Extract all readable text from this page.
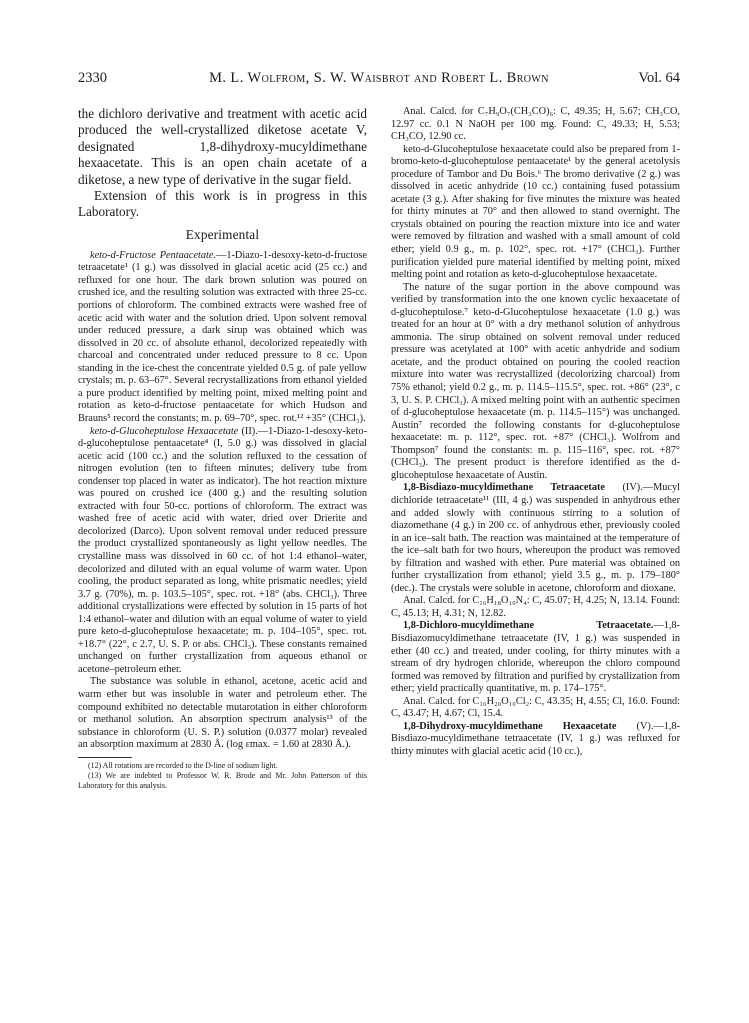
2330	M. L. Wolfrom, S. W. Waisbrot and Robert L. Brown	Vol. 64

the dichloro derivative and treatment with acetic acid produced the well-crystallized diketose acetate V, designated 1,8-dihydroxy-mucyldimethane hexaacetate. This is an open chain acetate of a diketose, a new type of derivative in the sugar field.

Extension of this work is in progress in this Laboratory.

Experimental

keto-d-Fructose Pentaacetate.—1-Diazo-1-desoxy-keto-d-fructose tetraacetate¹ (1 g.) was dissolved in glacial acetic acid (25 cc.) and refluxed for one hour. The dark brown solution was poured on crushed ice, and the resulting solution was extracted with three 25-cc. portions of chloroform. The combined extracts were washed free of acetic acid with water and the solution dried. Upon solvent removal under reduced pressure, a dark sirup was obtained which was dissolved in 20 cc. of absolute ethanol, decolorized repeatedly with charcoal and concentrated under reduced pressure to 8 cc. Upon standing in the ice-chest the concentrate yielded 0.5 g. of pale yellow crystals; m. p. 63–67°. Several recrystallizations from ethanol yielded a pure product identified by melting point, mixed melting point and rotation as keto-d-fructose pentaacetate for which Hudson and Brauns⁵ record the constants; m. p. 69–70°, spec. rot.¹² +35° (CHCl₃).

keto-d-Glucoheptulose Hexaacetate (II).—1-Diazo-1-desoxy-keto-d-glucoheptulose pentaacetate⁴ (I, 5.0 g.) was dissolved in glacial acetic acid (100 cc.) and the solution refluxed to the cessation of nitrogen evolution (ten to fifteen minutes; delivery tube from condenser top placed in water as indicator). The hot reaction mixture was poured on crushed ice (400 g.) and the resulting solution extracted with four 50-cc. portions of chloroform. The extract was washed free of acetic acid with water, dried over Drierite and decolorized (Darco). Upon solvent removal under reduced pressure the product crystallized spontaneously as light yellow needles. The crystalline mass was dissolved in 60 cc. of hot 1:4 ethanol–water, decolorized and diluted with an equal volume of warm water. Upon cooling, the product separated as long, white prismatic needles; yield 3.7 g. (70%), m. p. 103.5–105°, spec. rot. +18° (abs. CHCl₃). Three additional crystallizations were effected by solution in 15 parts of hot 1:4 ethanol–water and dilution with an equal volume of water to yield pure keto-d-glucoheptulose hexaacetate; m. p. 104–105°, spec. rot. +18.7° (22°, c 2.7, U. S. P. or abs. CHCl₃). These constants remained unchanged on further crystallization from aqueous ethanol or acetone–petroleum ether.

The substance was soluble in ethanol, acetone, acetic acid and warm ether but was insoluble in water and petroleum ether. The compound exhibited no detectable mutarotation in either chloroform or methanol solution. An absorption spectrum analysis¹³ of the substance in chloroform (U. S. P.) solution (0.0377 molar) revealed an absorption maximum at 2830 Å. (log εmax. = 1.60 at 2830 Å.).

(12) All rotations are recorded to the D-line of sodium light.

(13) We are indebted to Professor W. R. Brode and Mr. John Patterson of this Laboratory for this analysis.

Anal. Calcd. for C₇H₉O₇(CH₃CO)₆: C, 49.35; H, 5.67; CH₃CO, 12.97 cc. 0.1 N NaOH per 100 mg. Found: C, 49.33; H, 5.53; CH₃CO, 12.90 cc.

keto-d-Glucoheptulose hexaacetate could also be prepared from 1-bromo-keto-d-glucoheptulose pentaacetate¹ by the general acetolysis procedure of Tambor and Du Bois.⁶ The bromo derivative (2 g.) was dissolved in acetic anhydride (10 cc.) containing fused potassium acetate (3 g.). After shaking for five minutes the mixture was heated for thirty minutes at 70° and then allowed to stand overnight. The crystals obtained on pouring the reaction mixture into ice and water were removed by filtration and washed with a small amount of cold ether; yield 0.9 g., m. p. 102°, spec. rot. +17° (CHCl₃). Further purification yielded pure material identified by melting point, mixed melting point and rotation as keto-d-glucoheptulose hexaacetate.

The nature of the sugar portion in the above compound was verified by transformation into the one known cyclic hexaacetate of d-glucoheptulose.⁷ keto-d-Glucoheptulose hexaacetate (1.0 g.) was treated for an hour at 0° with a dry methanol solution of anhydrous ammonia. The sirup obtained on solvent removal under reduced pressure was acetylated at 100° with acetic anhydride and sodium acetate, and the product obtained on pouring the cooled reaction mixture into water was recrystallized (decolorizing charcoal) from 75% ethanol; yield 0.2 g., m. p. 114.5–115.5°, spec. rot. +86° (23°, c 3, U. S. P. CHCl₃). A mixed melting point with an authentic specimen of d-glucoheptulose hexaacetate (m. p. 114.5–115°) was unchanged. Austin⁷ recorded the following constants for d-glucoheptulose hexaacetate: m. p. 112°, spec. rot. +87° (CHCl₃). Wolfrom and Thompson⁷ found the constants: m. p. 115–116°, spec. rot. +87° (CHCl₃). The present product is therefore identified as the d-glucoheptulose hexaacetate of Austin.

1,8-Bisdiazo-mucyldimethane Tetraacetate (IV).—Mucyl dichloride tetraacetate¹¹ (III, 4 g.) was suspended in anhydrous ether and added slowly with continuous stirring to a solution of diazomethane (4 g.) in 200 cc. of anhydrous ether, previously cooled in an ice–salt bath. The reaction was maintained at the temperature of the ice–salt bath for two hours, whereupon the product was removed by filtration and washed with ether. Pure material was obtained on further crystallization from ethanol; yield 3.5 g., m. p. 179–180° (dec.). The crystals were soluble in acetone, chloroform and dioxane.

Anal. Calcd. for C₁₆H₁₈O₁₀N₄: C, 45.07; H, 4.25; N, 13.14. Found: C, 45.13; H, 4.31; N, 12.82.

1,8-Dichloro-mucyldimethane Tetraacetate.—1,8-Bisdiazomucyldimethane tetraacetate (IV, 1 g.) was suspended in ether (40 cc.) and treated, under cooling, for thirty minutes with a stream of dry hydrogen chloride, whereupon the chloro compound formed was removed by filtration and purified by crystallization from ether; yield practically quantitative, m. p. 174–175°.

Anal. Calcd. for C₁₆H₂₀O₁₀Cl₂: C, 43.35; H, 4.55; Cl, 16.0. Found: C, 43.47; H, 4.67; Cl, 15.4.

1,8-Dihydroxy-mucyldimethane Hexaacetate (V).—1,8-Bisdiazo-mucyldimethane tetraacetate (IV, 1 g.) was refluxed for thirty minutes with glacial acetic acid (10 cc.),
